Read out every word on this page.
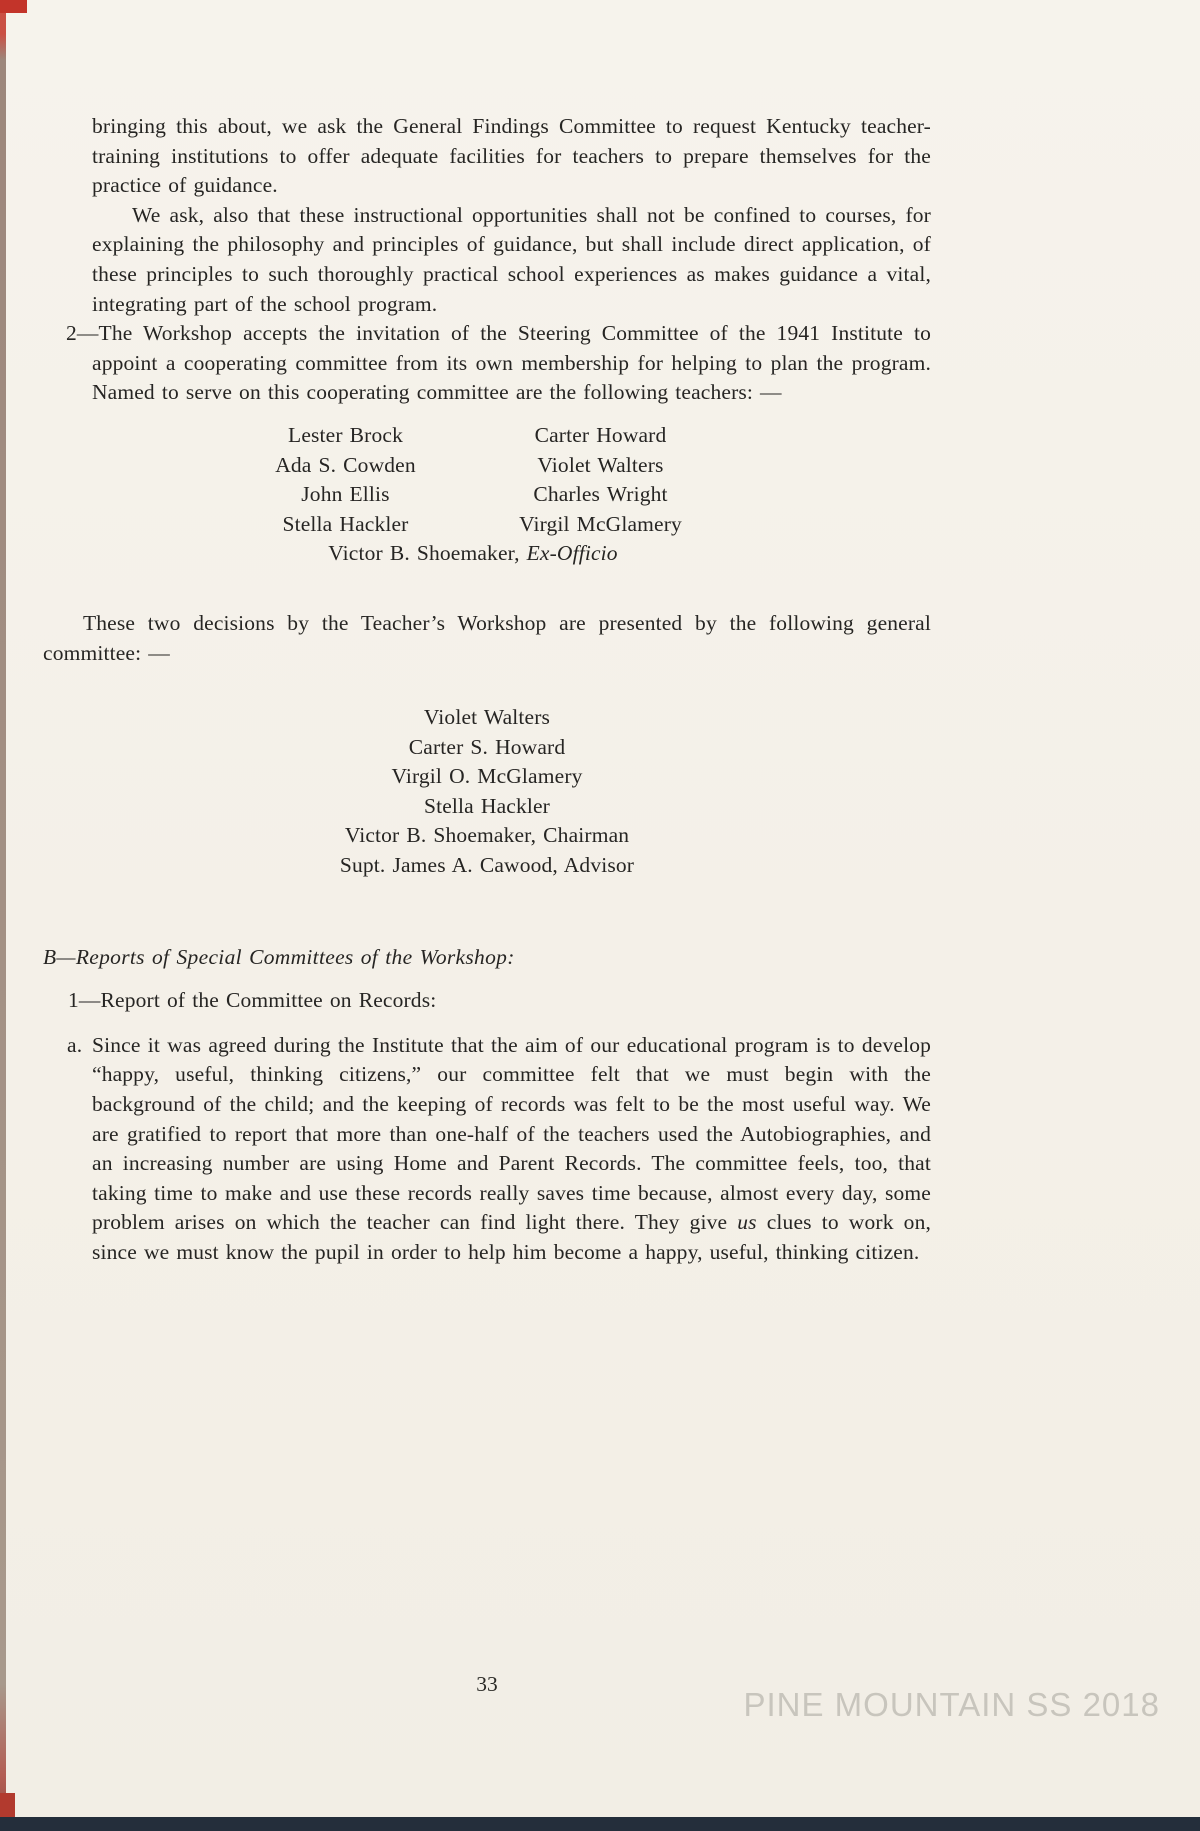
bringing this about, we ask the General Findings Committee to request Kentucky teacher-training institutions to offer adequate facilities for teachers to prepare themselves for the practice of guidance.

We ask, also that these instructional opportunities shall not be confined to courses, for explaining the philosophy and principles of guidance, but shall include direct application, of these principles to such thoroughly practical school experiences as makes guidance a vital, integrating part of the school program.

2—The Workshop accepts the invitation of the Steering Committee of the 1941 Institute to appoint a cooperating committee from its own membership for helping to plan the program. Named to serve on this cooperating committee are the following teachers: —

Lester Brock	Carter Howard
Ada S. Cowden	Violet Walters
John Ellis	Charles Wright
Stella Hackler	Virgil McGlamery
Victor B. Shoemaker, Ex-Officio

These two decisions by the Teacher’s Workshop are presented by the following general committee: —

Violet Walters
Carter S. Howard
Virgil O. McGlamery
Stella Hackler
Victor B. Shoemaker, Chairman
Supt. James A. Cawood, Advisor

B—Reports of Special Committees of the Workshop:

1—Report of the Committee on Records:

a. Since it was agreed during the Institute that the aim of our educational program is to develop “happy, useful, thinking citizens,” our committee felt that we must begin with the background of the child; and the keeping of records was felt to be the most useful way. We are gratified to report that more than one-half of the teachers used the Autobiographies, and an increasing number are using Home and Parent Records. The committee feels, too, that taking time to make and use these records really saves time because, almost every day, some problem arises on which the teacher can find light there. They give us clues to work on, since we must know the pupil in order to help him become a happy, useful, thinking citizen.

33
PINE MOUNTAIN SS 2018
